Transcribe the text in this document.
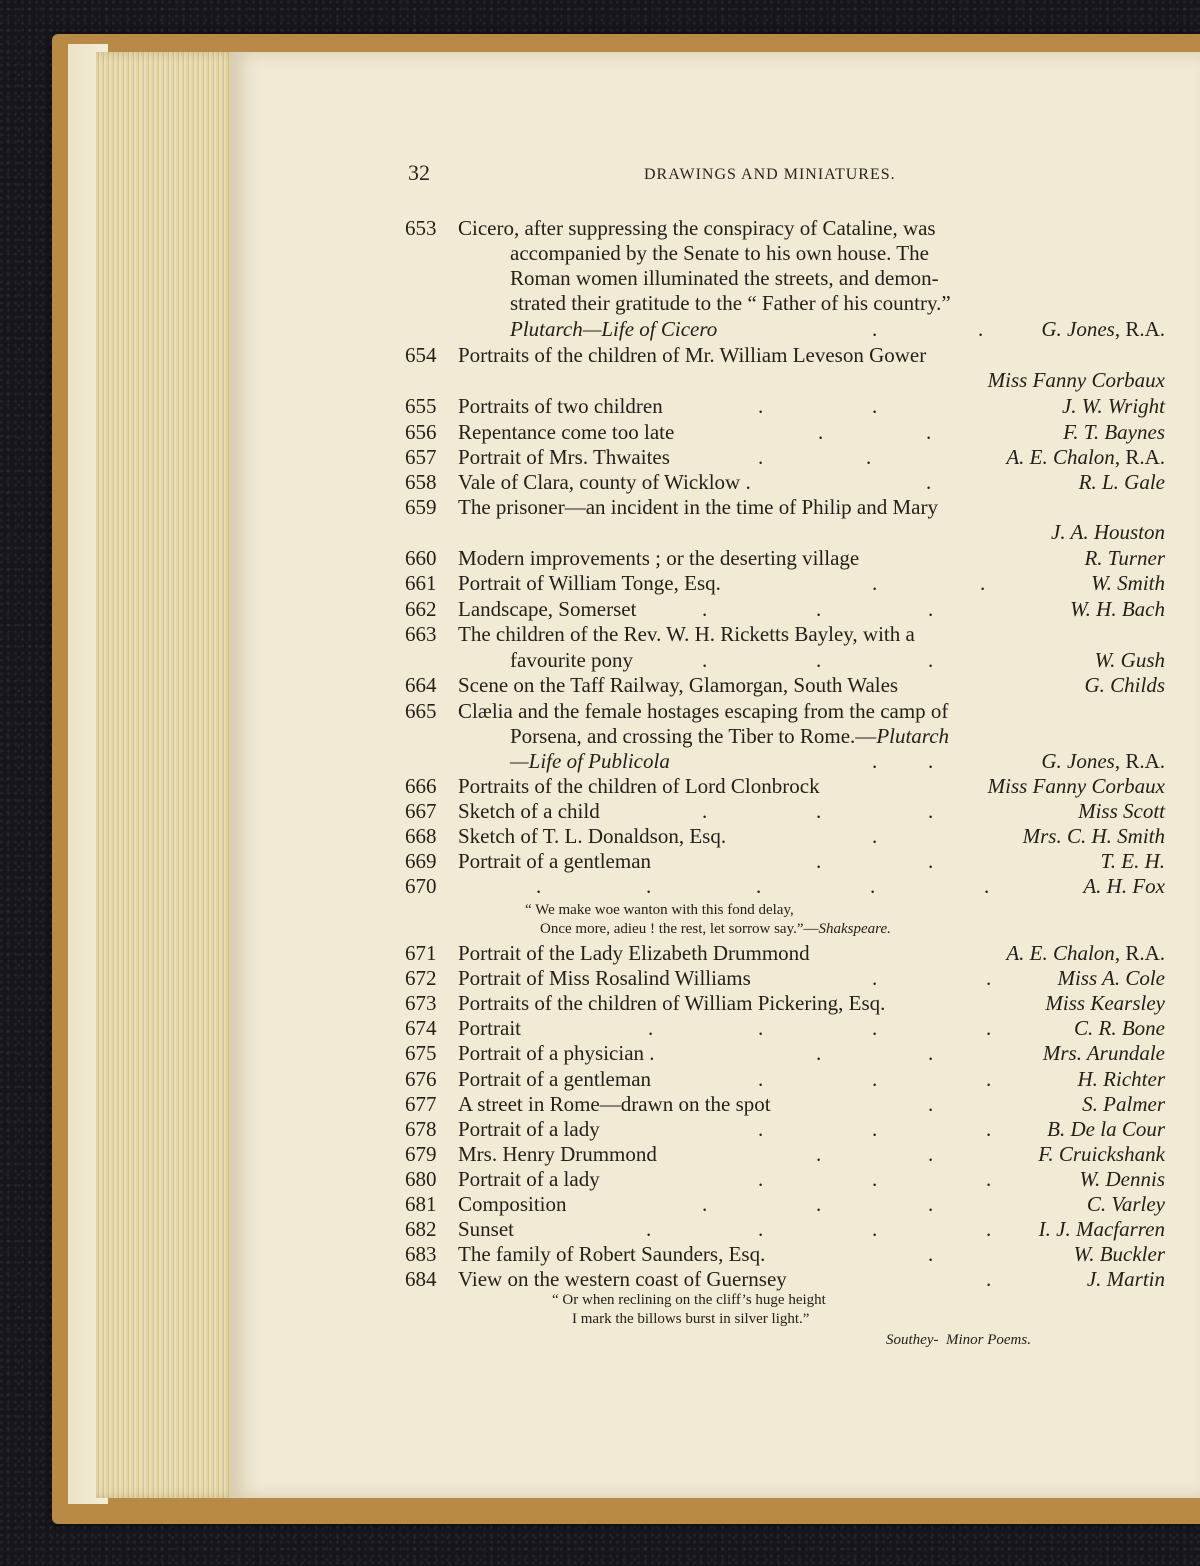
32	DRAWINGS AND MINIATURES.
653	Cicero, after suppressing the conspiracy of Cataline, was
accompanied by the Senate to his own house. The
Roman women illuminated the streets, and demon-
strated their gratitude to the “ Father of his country.”
Plutarch—Life of Cicero	.	.	G. Jones, R.A.
654	Portraits of the children of Mr. William Leveson Gower
Miss Fanny Corbaux
655	Portraits of two children	.	.	J. W. Wright
656	Repentance come too late	.	.	F. T. Baynes
657	Portrait of Mrs. Thwaites	.	.	A. E. Chalon, R.A.
658	Vale of Clara, county of Wicklow .	.	R. L. Gale
659	The prisoner—an incident in the time of Philip and Mary
J. A. Houston
660	Modern improvements ; or the deserting village	R. Turner
661	Portrait of William Tonge, Esq.	.	.	W. Smith
662	Landscape, Somerset	.	.	.	W. H. Bach
663	The children of the Rev. W. H. Ricketts Bayley, with a
favourite pony	.	.	.	W. Gush
664	Scene on the Taff Railway, Glamorgan, South Wales	G. Childs
665	Clælia and the female hostages escaping from the camp of
Porsena, and crossing the Tiber to Rome.—Plutarch
—Life of Publicola	. .	G. Jones, R.A.
666	Portraits of the children of Lord Clonbrock	Miss Fanny Corbaux
667	Sketch of a child	.	.	.	Miss Scott
668	Sketch of T. L. Donaldson, Esq.	.	Mrs. C. H. Smith
669	Portrait of a gentleman	.	.	T. E. H.
670	.	.	.	.	.	A. H. Fox
“ We make woe wanton with this fond delay,
Once more, adieu ! the rest, let sorrow say.”—Shakspeare.
671	Portrait of the Lady Elizabeth Drummond	A. E. Chalon, R.A.
672	Portrait of Miss Rosalind Williams	.	.	Miss A. Cole
673	Portraits of the children of William Pickering, Esq.	Miss Kearsley
674	Portrait	.	.	.	.	C. R. Bone
675	Portrait of a physician .	.	.	Mrs. Arundale
676	Portrait of a gentleman	.	.	.	H. Richter
677	A street in Rome—drawn on the spot	.	S. Palmer
678	Portrait of a lady	.	.	.	B. De la Cour
679	Mrs. Henry Drummond	.	.	F. Cruickshank
680	Portrait of a lady	.	.	.	W. Dennis
681	Composition	.	.	.	C. Varley
682	Sunset	.	.	.	. I. J. Macfarren
683	The family of Robert Saunders, Esq.	.	W. Buckler
684	View on the western coast of Guernsey	.	J. Martin
“ Or when reclining on the cliff’s huge height
I mark the billows burst in silver light.”
Southey- Minor Poems.
